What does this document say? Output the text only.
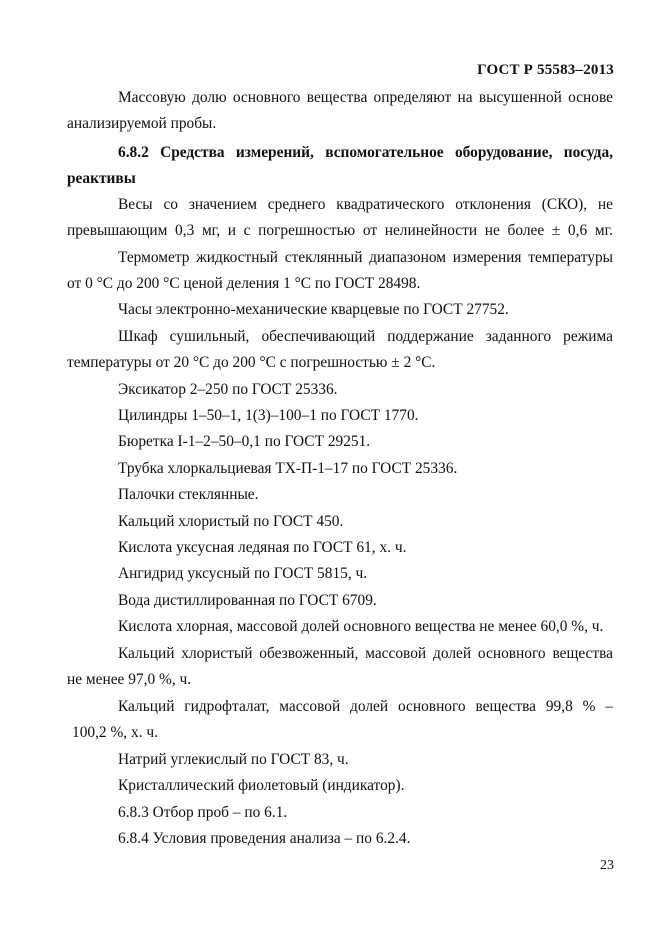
ГОСТ Р 55583–2013
Массовую долю основного вещества определяют на высушенной основе
анализируемой пробы.
6.8.2 Средства измерений, вспомогательное оборудование, посуда,
реактивы
Весы со значением среднего квадратического отклонения (СКО), не
превышающим 0,3 мг, и с погрешностью от нелинейности не более ± 0,6 мг.
Термометр жидкостный стеклянный диапазоном измерения температуры
от 0 °С до 200 °С ценой деления 1 °С по ГОСТ 28498.
Часы электронно-механические кварцевые по ГОСТ 27752.
Шкаф сушильный, обеспечивающий поддержание заданного режима
температуры от 20 °С до 200 °С с погрешностью ± 2 °С.
Эксикатор 2–250 по ГОСТ 25336.
Цилиндры 1–50–1, 1(3)–100–1 по ГОСТ 1770.
Бюретка I-1–2–50–0,1 по ГОСТ 29251.
Трубка хлоркальциевая ТХ-П-1–17 по ГОСТ 25336.
Палочки стеклянные.
Кальций хлористый по ГОСТ 450.
Кислота уксусная ледяная по ГОСТ 61, х. ч.
Ангидрид уксусный по ГОСТ 5815, ч.
Вода дистиллированная по ГОСТ 6709.
Кислота хлорная, массовой долей основного вещества не менее 60,0 %, ч.
Кальций хлористый обезвоженный, массовой долей основного вещества
не менее 97,0 %, ч.
Кальций гидрофталат, массовой долей основного вещества 99,8 % –
100,2 %, х. ч.
Натрий углекислый по ГОСТ 83, ч.
Кристаллический фиолетовый (индикатор).
6.8.3 Отбор проб – по 6.1.
6.8.4 Условия проведения анализа – по 6.2.4.
23
